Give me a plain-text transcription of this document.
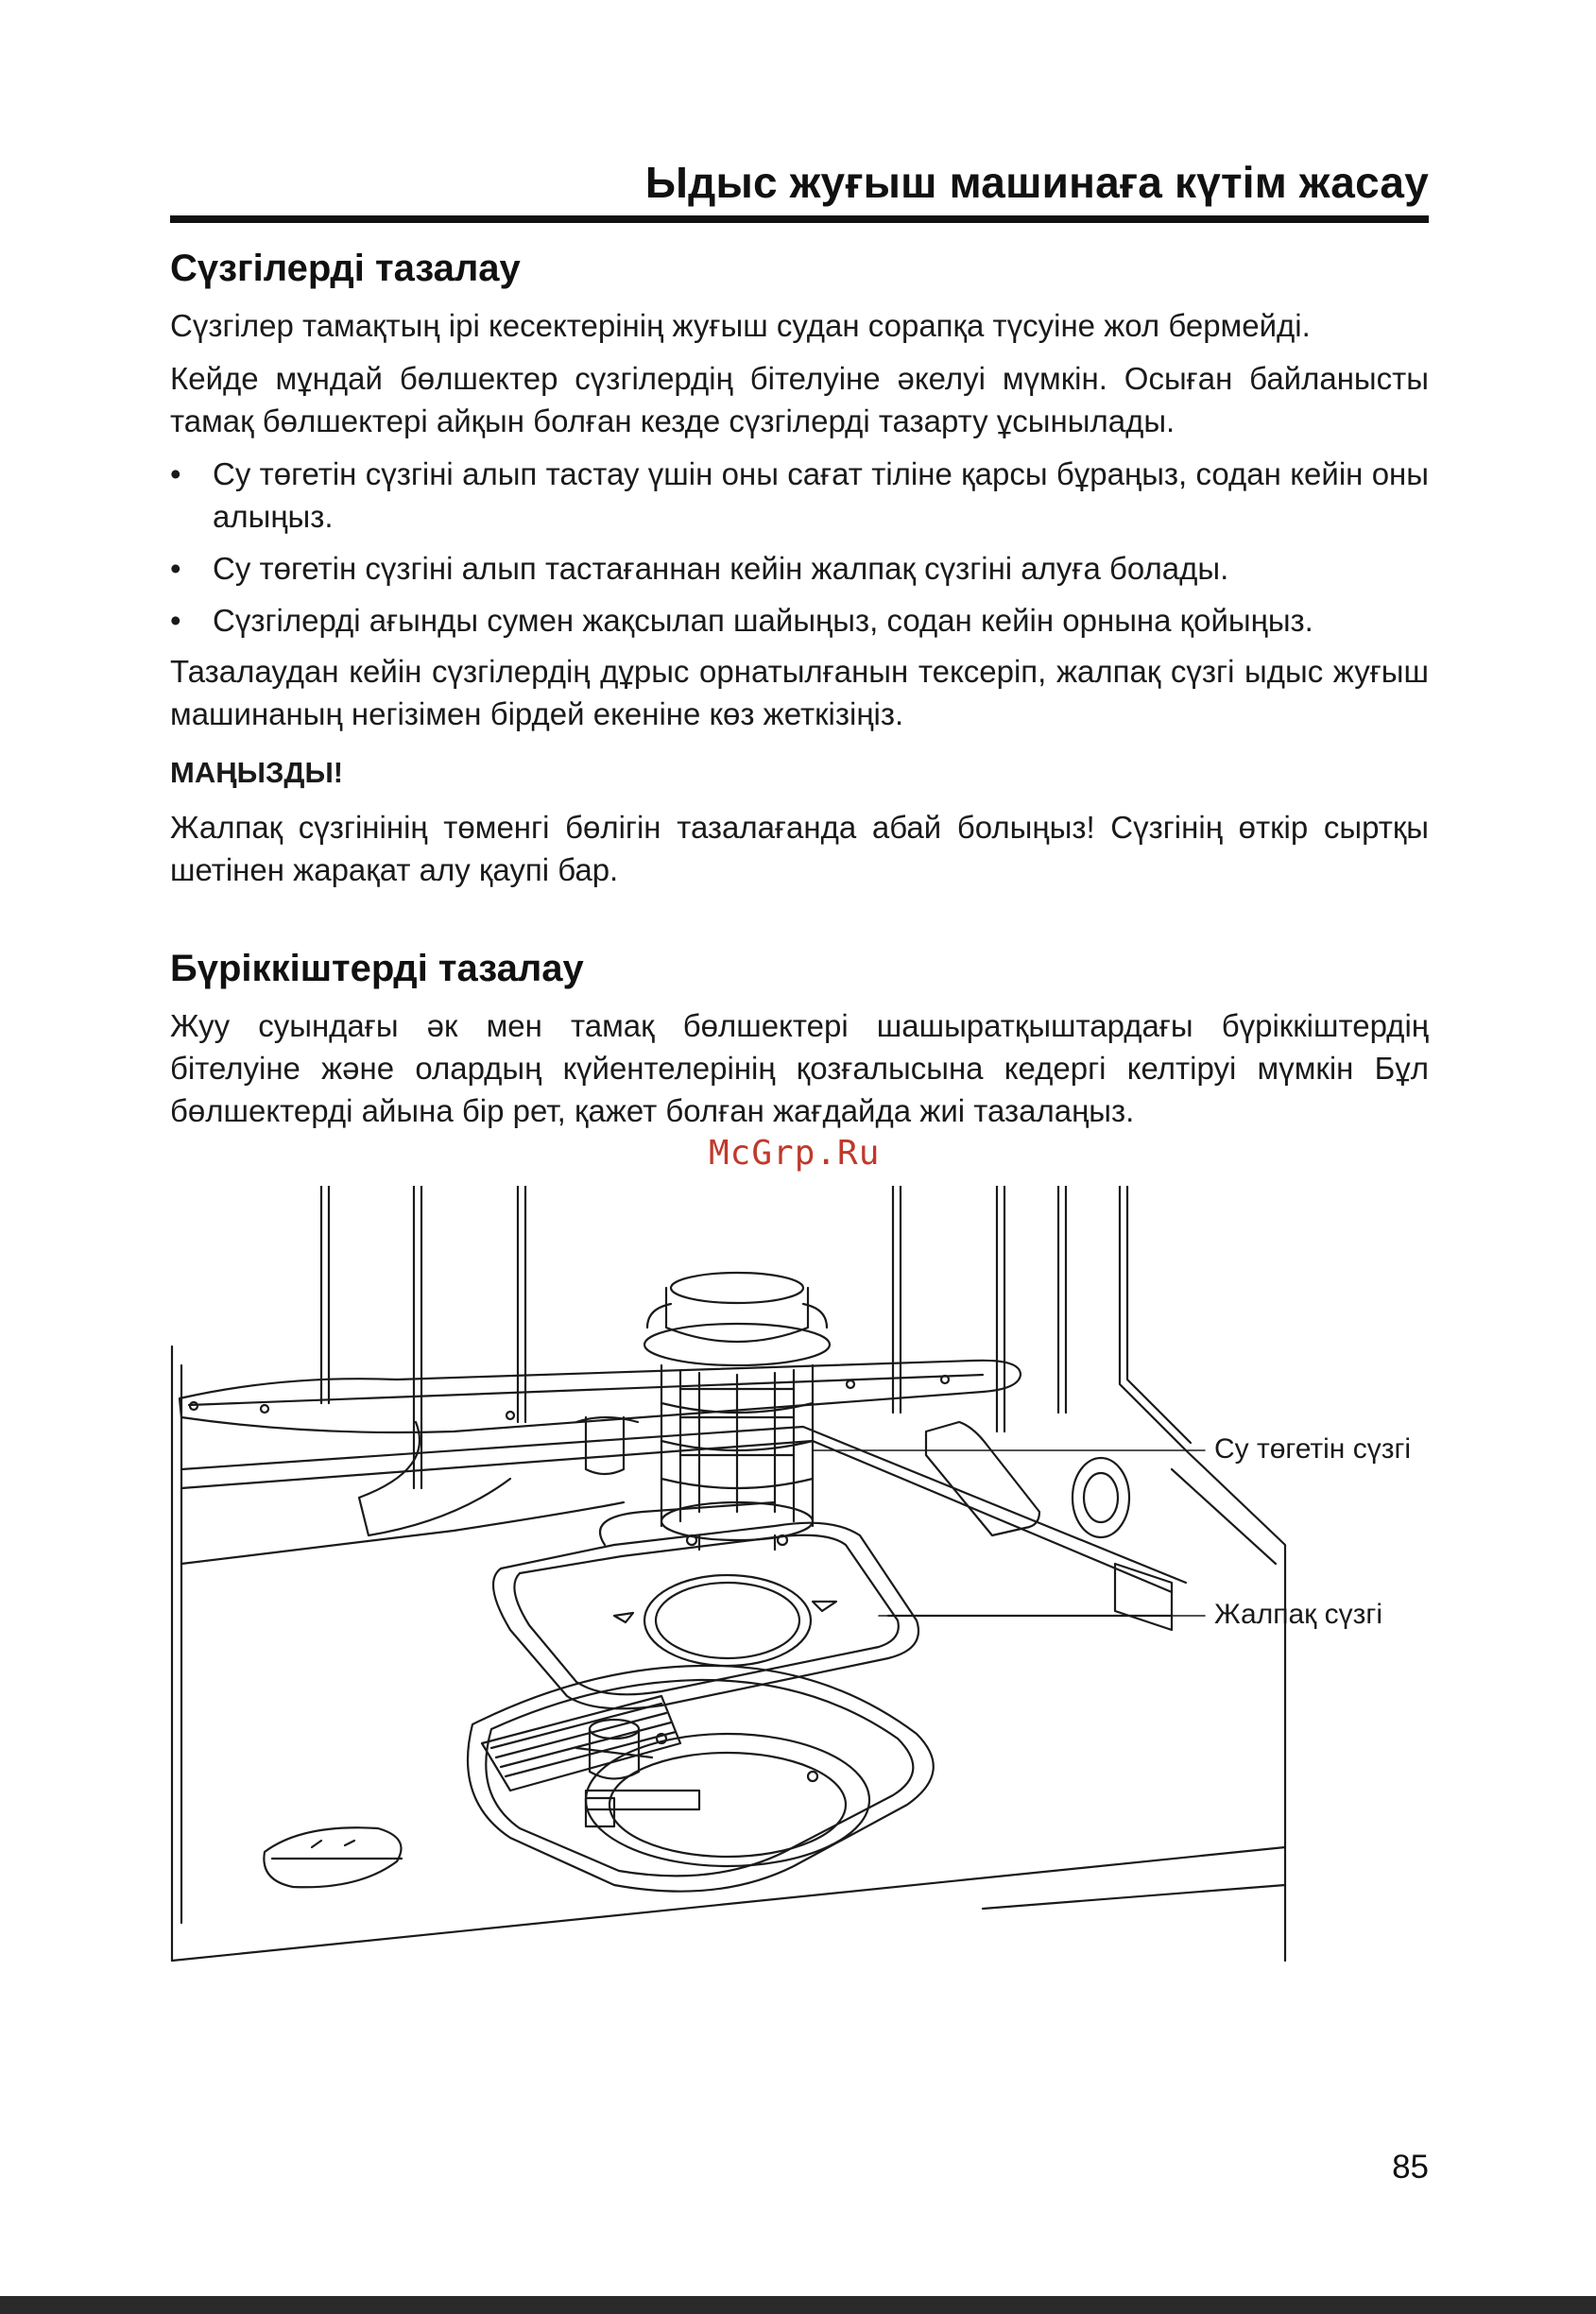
Ыдыс жуғыш машинаға күтім жасау
Сүзгілерді тазалау

Сүзгілер тамақтың ірі кесектерінің жуғыш судан сорапқа түсуіне жол бермейді.

Кейде мұндай бөлшектер сүзгілердің бітелуіне әкелуі мүмкін. Осыған байланысты тамақ бөлшектері айқын болған кезде сүзгілерді тазарту ұсынылады.

• Су төгетін сүзгіні алып тастау үшін оны сағат тіліне қарсы бұраңыз, содан кейін оны алыңыз.
• Су төгетін сүзгіні алып тастағаннан кейін жалпақ сүзгіні алуға болады.
• Сүзгілерді ағынды сумен жақсылап шайыңыз, содан кейін орнына қойыңыз.

Тазалаудан кейін сүзгілердің дұрыс орнатылғанын тексеріп, жалпақ сүзгі ыдыс жуғыш машинаның негізімен бірдей екеніне көз жеткізіңіз.

МАҢЫЗДЫ!

Жалпақ сүзгінінің төменгі бөлігін тазалағанда абай болыңыз! Сүзгінің өткір сыртқы шетінен жарақат алу қаупі бар.

Бүріккіштерді тазалау

Жуу суындағы әк мен тамақ бөлшектері шашыратқыштардағы бүріккіштердің бітелуіне және олардың күйентелерінің қозғалысына кедергі келтіруі мүмкін Бұл бөлшектерді айына бір рет, қажет болған жағдайда жиі тазалаңыз.

McGrp.Ru
Су төгетін сүзгі
Жалпақ сүзгі
85
